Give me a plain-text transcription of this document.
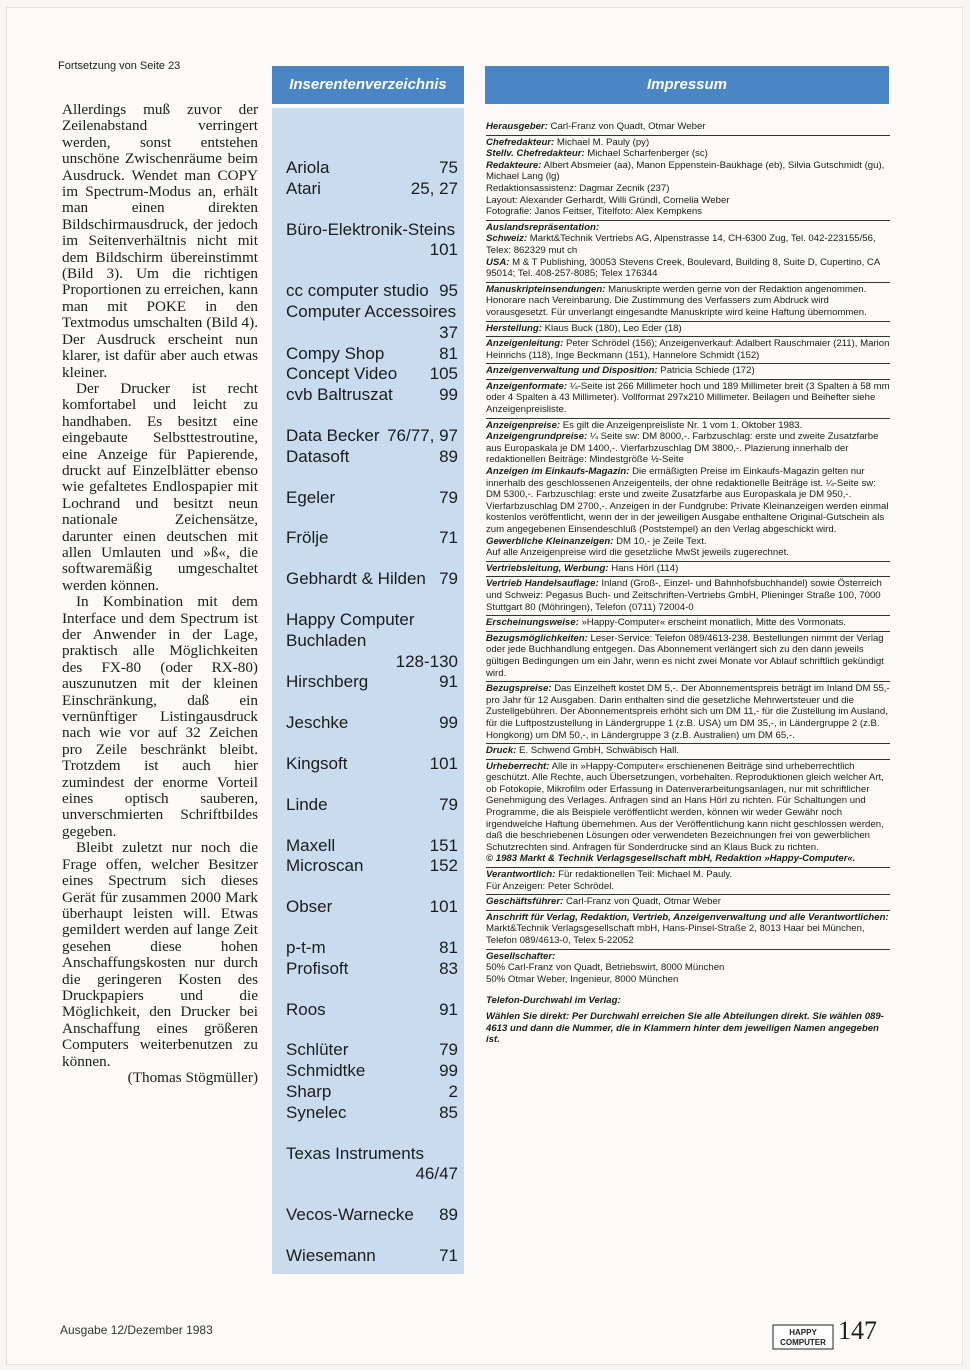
Fortsetzung von Seite 23

Allerdings muß zuvor der Zeilenabstand verringert werden, sonst entstehen unschöne Zwischenräume beim Ausdruck. Wendet man COPY im Spectrum-Modus an, erhält man einen direkten Bildschirmausdruck, der jedoch im Seitenverhältnis nicht mit dem Bildschirm übereinstimmt (Bild 3). Um die richtigen Proportionen zu erreichen, kann man mit POKE in den Textmodus umschalten (Bild 4). Der Ausdruck erscheint nun klarer, ist dafür aber auch etwas kleiner.

Der Drucker ist recht komfortabel und leicht zu handhaben. Es besitzt eine eingebaute Selbsttestroutine, eine Anzeige für Papierende, druckt auf Einzelblätter ebenso wie gefaltetes Endlospapier mit Lochrand und besitzt neun nationale Zeichensätze, darunter einen deutschen mit allen Umlauten und »ß«, die softwaremäßig umgeschaltet werden können.

In Kombination mit dem Interface und dem Spectrum ist der Anwender in der Lage, praktisch alle Möglichkeiten des FX-80 (oder RX-80) auszunutzen mit der kleinen Einschränkung, daß ein vernünftiger Listingausdruck nach wie vor auf 32 Zeichen pro Zeile beschränkt bleibt. Trotzdem ist auch hier zumindest der enorme Vorteil eines optisch sauberen, unverschmierten Schriftbildes gegeben.

Bleibt zuletzt nur noch die Frage offen, welcher Besitzer eines Spectrum sich dieses Gerät für zusammen 2000 Mark überhaupt leisten will. Etwas gemildert werden auf lange Zeit gesehen diese hohen Anschaffungskosten nur durch die geringeren Kosten des Druckpapiers und die Möglichkeit, den Drucker bei Anschaffung eines größeren Computers weiterbenutzen zu können.

(Thomas Stögmüller)
Inserentenverzeichnis
Ariola	75
Atari	25, 27
Büro-Elektronik-Steins
101
cc computer studio 95
Computer Accessoires
37
Compy Shop	81
Concept Video 105
cvb Baltruszat	99
Data Becker 76/77, 97
Datasoft	89
Egeler	79
Frölje	71
Gebhardt & Hilden 79
Happy Computer Buchladen
128-130
Hirschberg	91
Jeschke	99
Kingsoft	101
Linde	79
Maxell	151
Microscan	152
Obser	101
p-t-m	81
Profisoft	83
Roos	91
Schlüter	79
Schmidtke	99
Sharp	2
Synelec	85
Texas Instruments
46/47
Vecos-Warnecke 89
Wiesemann	71
Impressum
Herausgeber: Carl-Franz von Quadt, Otmar Weber
Chefredakteur: Michael M. Pauly (py)
Stellv. Chefredakteur: Michael Scharfenberger (sc)
Redakteure: Albert Absmeier (aa), Manon Eppenstein-Baukhage (eb), Silvia Gutschmidt (gu), Michael Lang (lg)
Redaktionsassistenz: Dagmar Zecnik (237)
Layout: Alexander Gerhardt, Willi Gründl, Cornelia Weber
Fotografie: Janos Feitser, Titelfoto: Alex Kempkens
Auslandsrepräsentation:
Schweiz: Markt&Technik Vertriebs AG, Alpenstrasse 14, CH-6300 Zug, Tel. 042-223155/56, Telex: 862329 mut ch
USA: M & T Publishing, 30053 Stevens Creek, Boulevard, Building 8, Suite D, Cupertino, CA 95014; Tel. 408-257-8085; Telex 176344
Manuskripteinsendungen: Manuskripte werden gerne von der Redaktion angenommen. Honorare nach Vereinbarung. Die Zustimmung des Verfassers zum Abdruck wird vorausgesetzt. Für unverlangt eingesandte Manuskripte wird keine Haftung übernommen.
Herstellung: Klaus Buck (180), Leo Eder (18)
Anzeigenleitung: Peter Schrödel (156); Anzeigenverkauf: Adalbert Rauschmaier (211), Marion Heinrichs (118), Inge Beckmann (151), Hannelore Schmidt (152)
Anzeigenverwaltung und Disposition: Patricia Schiede (172)
Anzeigenformate: ¼-Seite ist 266 Millimeter hoch und 189 Millimeter breit (3 Spalten à 58 mm oder 4 Spalten à 43 Millimeter). Vollformat 297x210 Millimeter. Beilagen und Beihefter siehe Anzeigenpreisliste.
Anzeigenpreise: Es gilt die Anzeigenpreisliste Nr. 1 vom 1. Oktober 1983.
Anzeigengrundpreise: ¼ Seite sw: DM 8000,-. Farbzuschlag: erste und zweite Zusatzfarbe aus Europaskala je DM 1400,-. Vierfarbzuschlag DM 3800,-. Plazierung innerhalb der redaktionellen Beiträge: Mindestgröße ½-Seite
Anzeigen im Einkaufs-Magazin: Die ermäßigten Preise im Einkaufs-Magazin gelten nur innerhalb des geschlossenen Anzeigenteils, der ohne redaktionelle Beiträge ist. ¼-Seite sw: DM 5300,-. Farbzuschlag: erste und zweite Zusatzfarbe aus Europaskala je DM 950,-. Vierfarbzuschlag DM 2700,-. Anzeigen in der Fundgrube: Private Kleinanzeigen werden einmal kostenlos veröffentlicht, wenn der in der jeweiligen Ausgabe enthaltene Original-Gutschein als zum angegebenen Einsendeschluß (Poststempel) an den Verlag abgeschickt wird.
Gewerbliche Kleinanzeigen: DM 10,- je Zeile Text.
Auf alle Anzeigenpreise wird die gesetzliche MwSt jeweils zugerechnet.
Vertriebsleitung, Werbung: Hans Hörl (114)
Vertrieb Handelsauflage: Inland (Groß-, Einzel- und Bahnhofsbuchhandel) sowie Österreich und Schweiz: Pegasus Buch- und Zeitschriften-Vertriebs GmbH, Plieninger Straße 100, 7000 Stuttgart 80 (Möhringen), Telefon (0711) 72004-0
Erscheinungsweise: »Happy-Computer« erscheint monatlich, Mitte des Vormonats.
Bezugsmöglichkeiten: Leser-Service: Telefon 089/4613-238. Bestellungen nimmt der Verlag oder jede Buchhandlung entgegen. Das Abonnement verlängert sich zu den dann jeweils gültigen Bedingungen um ein Jahr, wenn es nicht zwei Monate vor Ablauf schriftlich gekündigt wird.
Bezugspreise: Das Einzelheft kostet DM 5,-. Der Abonnementspreis beträgt im Inland DM 55,- pro Jahr für 12 Ausgaben. Darin enthalten sind die gesetzliche Mehrwertsteuer und die Zustellgebühren. Der Abonnementspreis erhöht sich um DM 11,- für die Zustellung im Ausland, für die Luftpostzustellung in Ländergruppe 1 (z.B. USA) um DM 35,-, in Ländergruppe 2 (z.B. Hongkong) um DM 50,-, in Ländergruppe 3 (z.B. Australien) um DM 65,-.
Druck: E. Schwend GmbH, Schwäbisch Hall.
Urheberrecht: Alle in »Happy-Computer« erschienenen Beiträge sind urheberrechtlich geschützt. Alle Rechte, auch Übersetzungen, vorbehalten. Reproduktionen gleich welcher Art, ob Fotokopie, Mikrofilm oder Erfassung in Datenverarbeitungsanlagen, nur mit schriftlicher Genehmigung des Verlages. Anfragen sind an Hans Hörl zu richten. Für Schaltungen und Programme, die als Beispiele veröffentlicht werden, können wir weder Gewähr noch irgendwelche Haftung übernehmen. Aus der Veröffentlichung kann nicht geschlossen werden, daß die beschriebenen Lösungen oder verwendeten Bezeichnungen frei von gewerblichen Schutzrechten sind. Anfragen für Sonderdrucke sind an Klaus Buck zu richten.
© 1983 Markt & Technik Verlagsgesellschaft mbH, Redaktion »Happy-Computer«.
Verantwortlich: Für redaktionellen Teil: Michael M. Pauly.
Für Anzeigen: Peter Schrödel.
Geschäftsführer: Carl-Franz von Quadt, Otmar Weber
Anschrift für Verlag, Redaktion, Vertrieb, Anzeigenverwaltung und alle Verantwortlichen:
Markt&Technik Verlagsgesellschaft mbH, Hans-Pinsel-Straße 2, 8013 Haar bei München, Telefon 089/4613-0, Telex 5-22052
Gesellschafter:
50% Carl-Franz von Quadt, Betriebswirt, 8000 München
50% Otmar Weber, Ingenieur, 8000 München
Telefon-Durchwahl im Verlag:
Wählen Sie direkt: Per Durchwahl erreichen Sie alle Abteilungen direkt. Sie wählen 089-4613 und dann die Nummer, die in Klammern hinter dem jeweiligen Namen angegeben ist.
Ausgabe 12/Dezember 1983	HAPPY
COMPUTER 147
